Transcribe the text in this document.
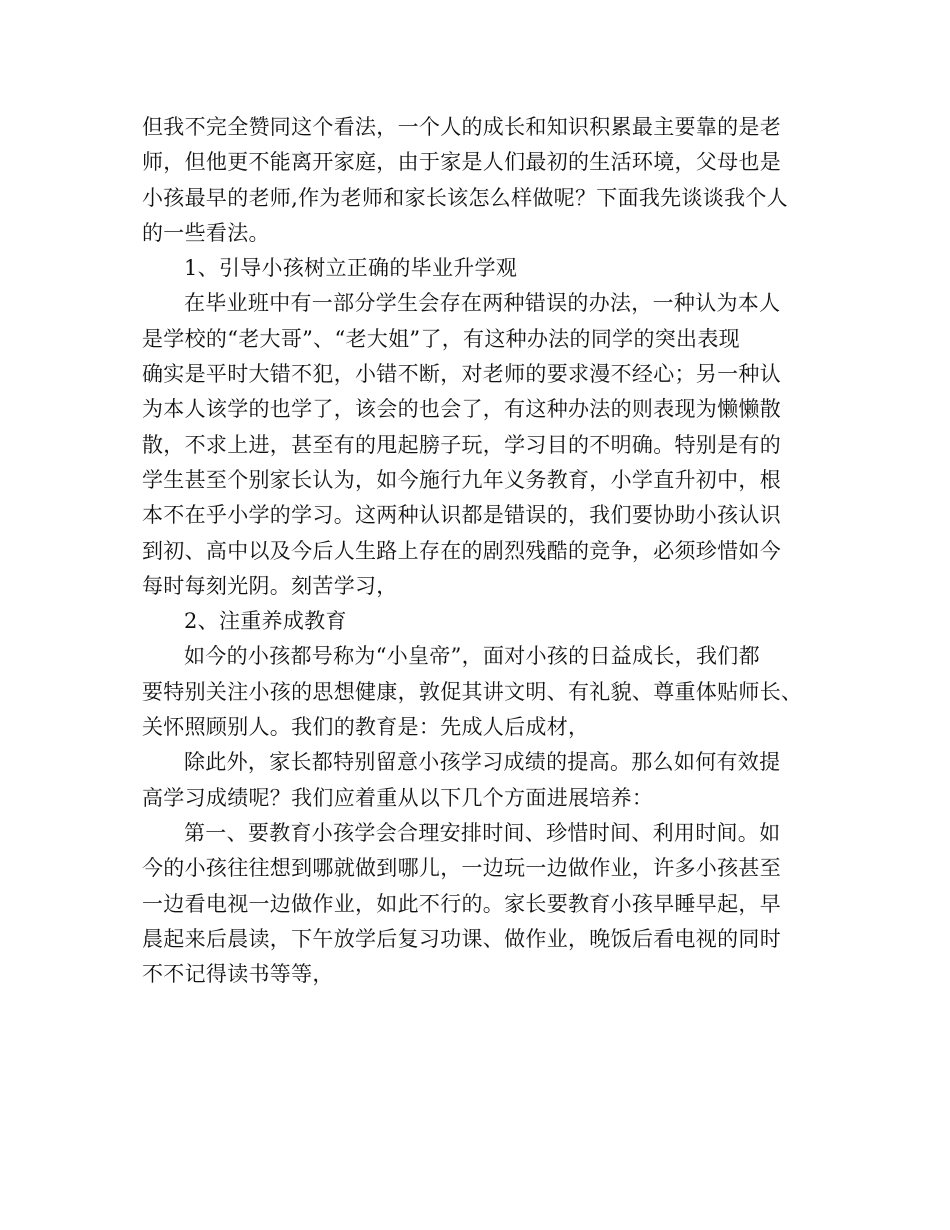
但我不完全赞同这个看法，一个人的成长和知识积累最主要靠的是老
师，但他更不能离开家庭，由于家是人们最初的生活环境，父母也是
小孩最早的老师,作为老师和家长该怎么样做呢？下面我先谈谈我个人
的一些看法。
1、引导小孩树立正确的毕业升学观
在毕业班中有一部分学生会存在两种错误的办法，一种认为本人
是学校的“老大哥”、“老大姐”了，有这种办法的同学的突出表现
确实是平时大错不犯，小错不断，对老师的要求漫不经心；另一种认
为本人该学的也学了，该会的也会了，有这种办法的则表现为懒懒散
散，不求上进，甚至有的甩起膀子玩，学习目的不明确。特别是有的
学生甚至个别家长认为，如今施行九年义务教育，小学直升初中，根
本不在乎小学的学习。这两种认识都是错误的，我们要协助小孩认识
到初、高中以及今后人生路上存在的剧烈残酷的竞争，必须珍惜如今
每时每刻光阴。刻苦学习，
2、注重养成教育
如今的小孩都号称为“小皇帝”，面对小孩的日益成长，我们都
要特别关注小孩的思想健康，敦促其讲文明、有礼貌、尊重体贴师长、
关怀照顾别人。我们的教育是：先成人后成材，
除此外，家长都特别留意小孩学习成绩的提高。那么如何有效提
高学习成绩呢？我们应着重从以下几个方面进展培养：
第一、要教育小孩学会合理安排时间、珍惜时间、利用时间。如
今的小孩往往想到哪就做到哪儿，一边玩一边做作业，许多小孩甚至
一边看电视一边做作业，如此不行的。家长要教育小孩早睡早起，早
晨起来后晨读，下午放学后复习功课、做作业，晚饭后看电视的同时
不不记得读书等等，
